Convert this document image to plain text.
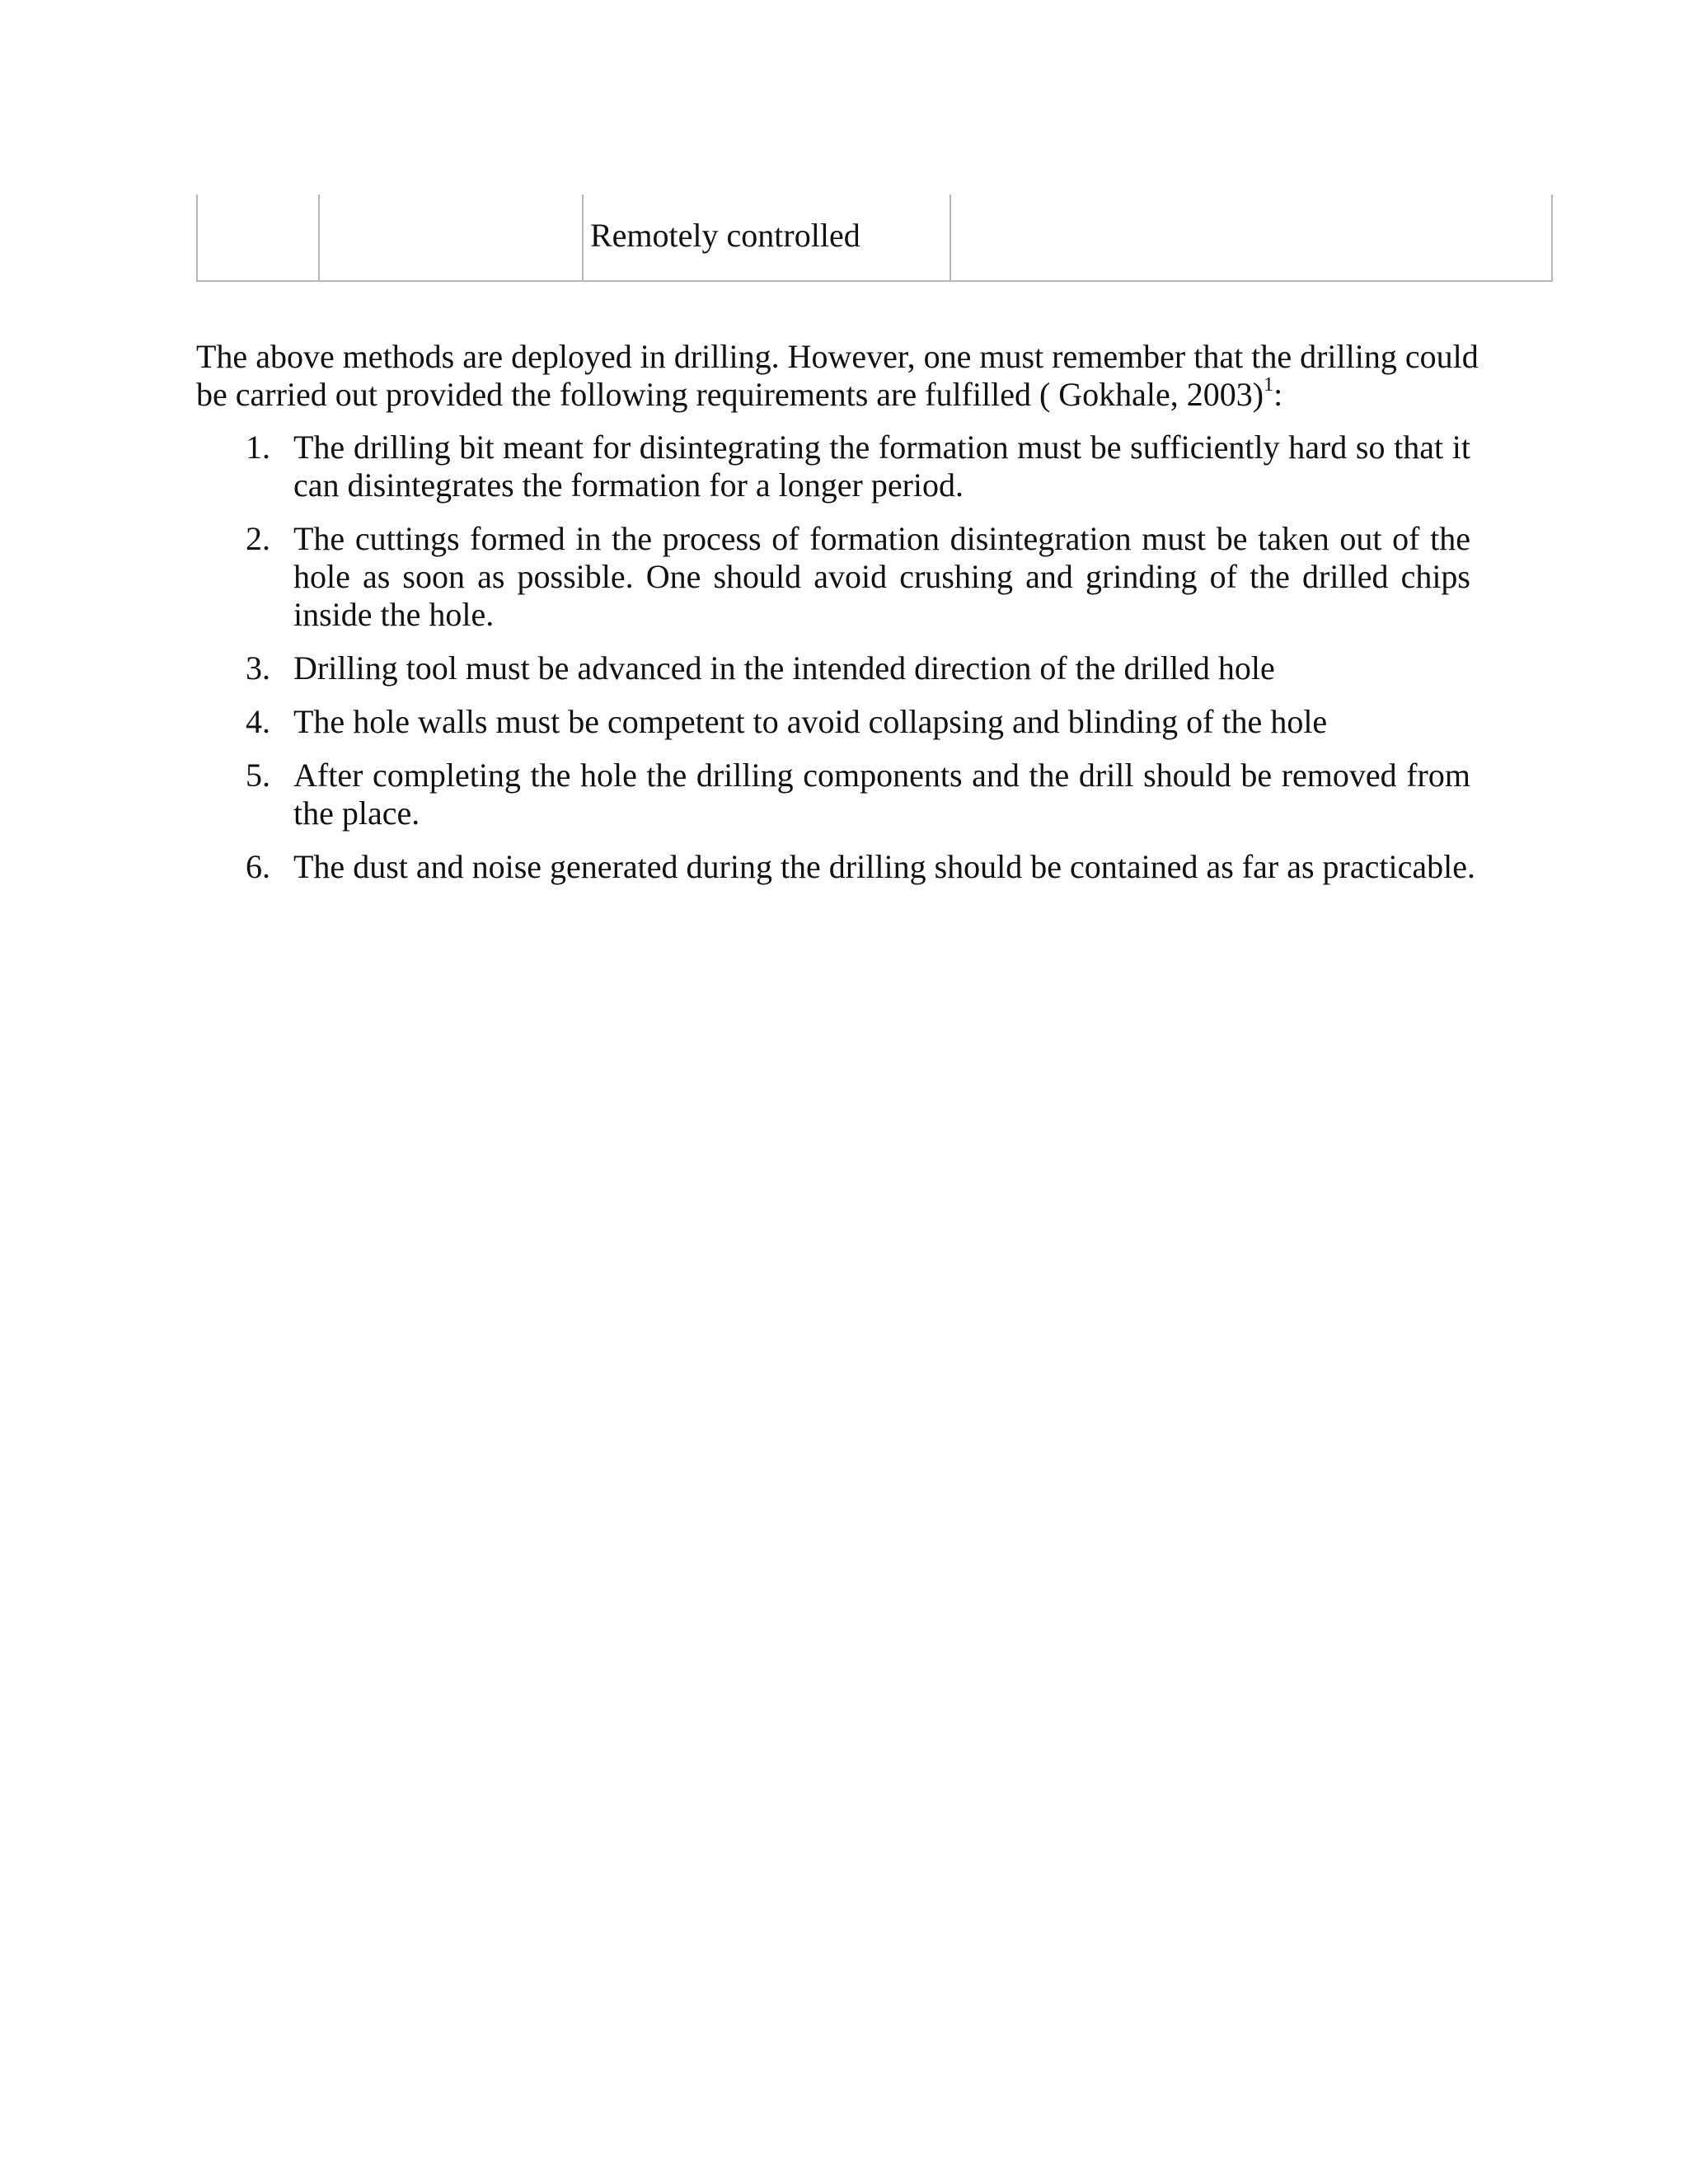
Remotely controlled
The above methods are deployed in drilling. However, one must remember that the drilling could
be carried out provided the following requirements are fulfilled ( Gokhale, 2003)$^1$:
1. The drilling bit meant for disintegrating the formation must be sufficiently hard so that it
can disintegrates the formation for a longer period.
2. The cuttings formed in the process of formation disintegration must be taken out of the
hole as soon as possible. One should avoid crushing and grinding of the drilled chips
inside the hole.
3. Drilling tool must be advanced in the intended direction of the drilled hole
4. The hole walls must be competent to avoid collapsing and blinding of the hole
5. After completing the hole the drilling components and the drill should be removed from
the place.
6. The dust and noise generated during the drilling should be contained as far as practicable.
